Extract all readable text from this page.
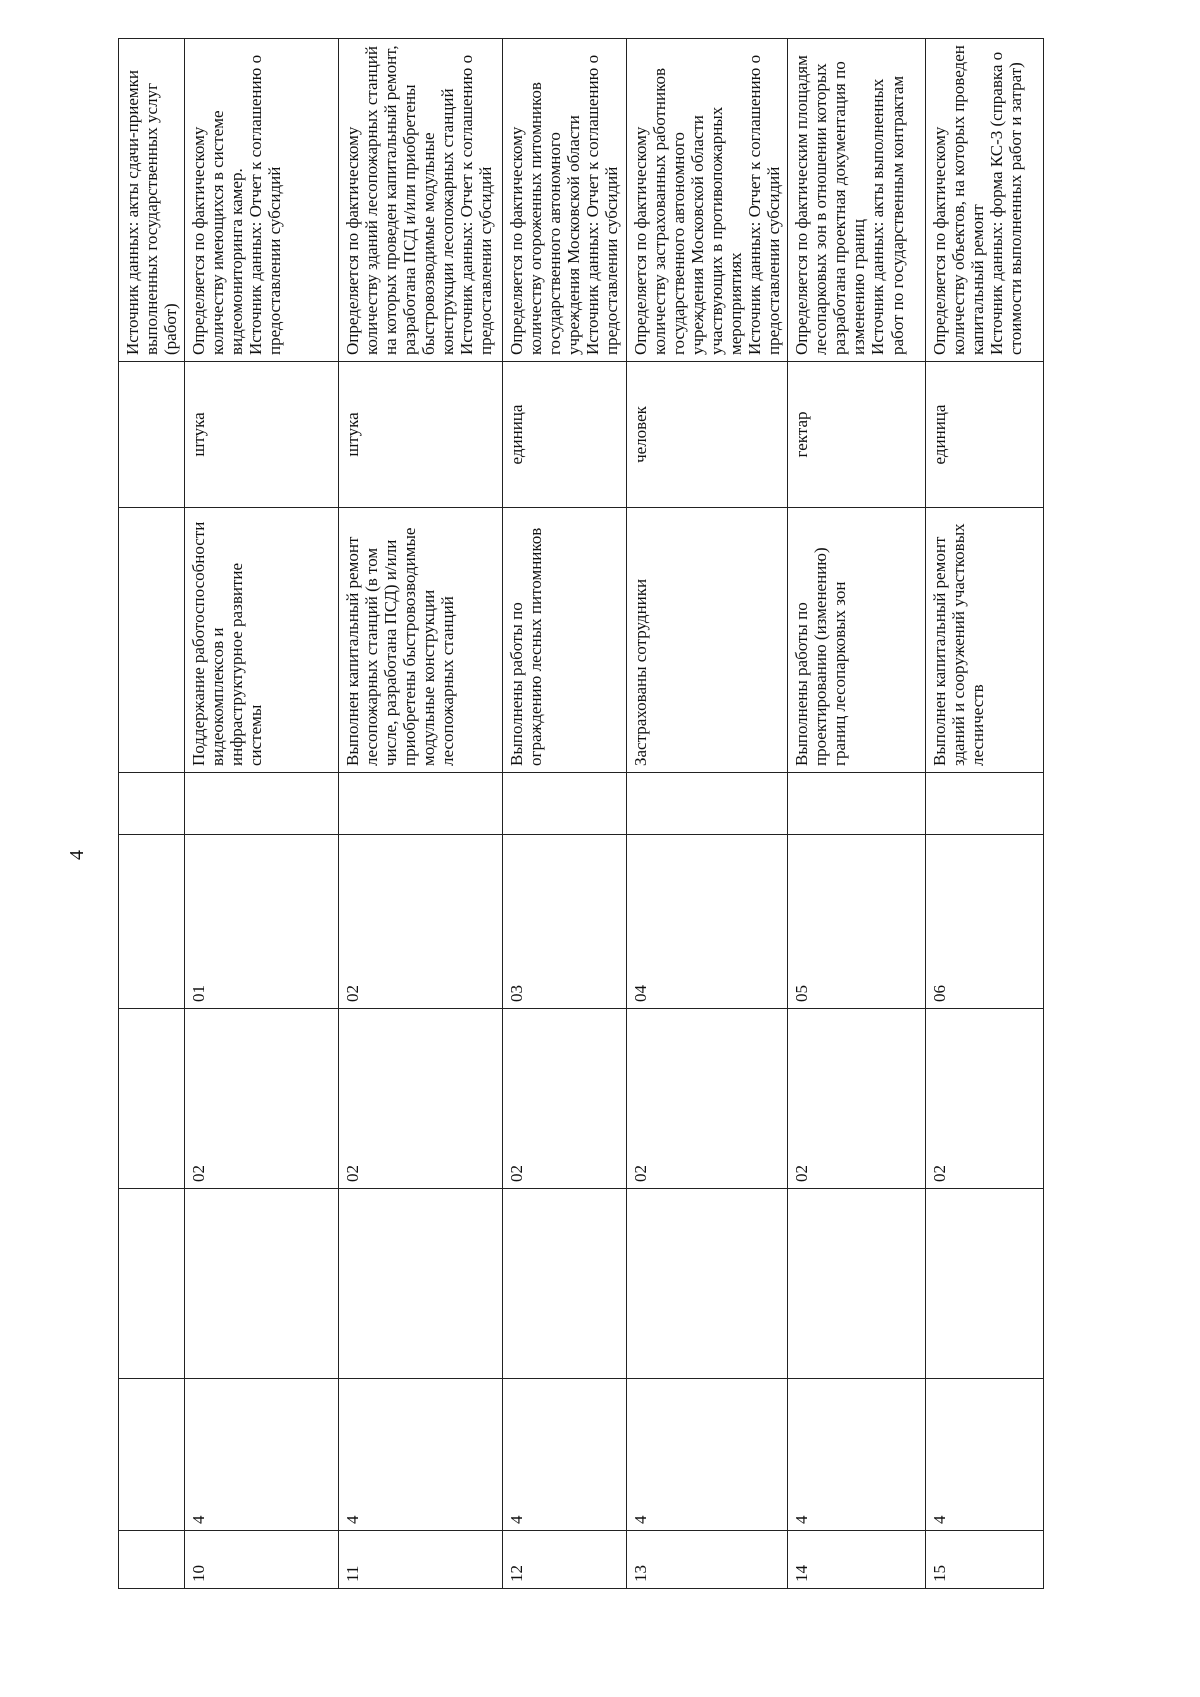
4
								Источник данных: акты сдачи-приемки выполненных государственных услуг (работ)
10	4		02	01		Поддержание работоспособности видеокомплексов и инфраструктурное развитие системы	штука	Определяется по фактическому количеству имеющихся в системе видеомониторинга камер.
Источник данных: Отчет к соглашению о предоставлении субсидий
11	4		02	02		Выполнен капитальный ремонт лесопожарных станций (в том числе, разработана ПСД) и/или приобретены быстровозводимые модульные конструкции лесопожарных станций	штука	Определяется по фактическому количеству зданий лесопожарных станций на которых проведен капитальный ремонт, разработана ПСД и/или приобретены быстровозводимые модульные конструкции лесопожарных станций
Источник данных: Отчет к соглашению о предоставлении субсидий
12	4		02	03		Выполнены работы по ограждению лесных питомников	единица	Определяется по фактическому количеству огороженных питомников государственного автономного учреждения Московской области
Источник данных: Отчет к соглашению о предоставлении субсидий
13	4		02	04		Застрахованы сотрудники	человек	Определяется по фактическому количеству застрахованных работников государственного автономного учреждения Московской области участвующих в противопожарных мероприятиях
Источник данных: Отчет к соглашению о предоставлении субсидий
14	4		02	05		Выполнены работы по проектированию (изменению) границ лесопарковых зон	гектар	Определяется по фактическим площадям лесопарковых зон в отношении которых разработана проектная документация по изменению границ
Источник данных: акты выполненных работ по государственным контрактам
15	4		02	06		Выполнен капитальный ремонт зданий и сооружений участковых лесничеств	единица	Определяется по фактическому количеству объектов, на которых проведен капитальный ремонт
Источник данных: форма КС-3 (справка о стоимости выполненных работ и затрат)
